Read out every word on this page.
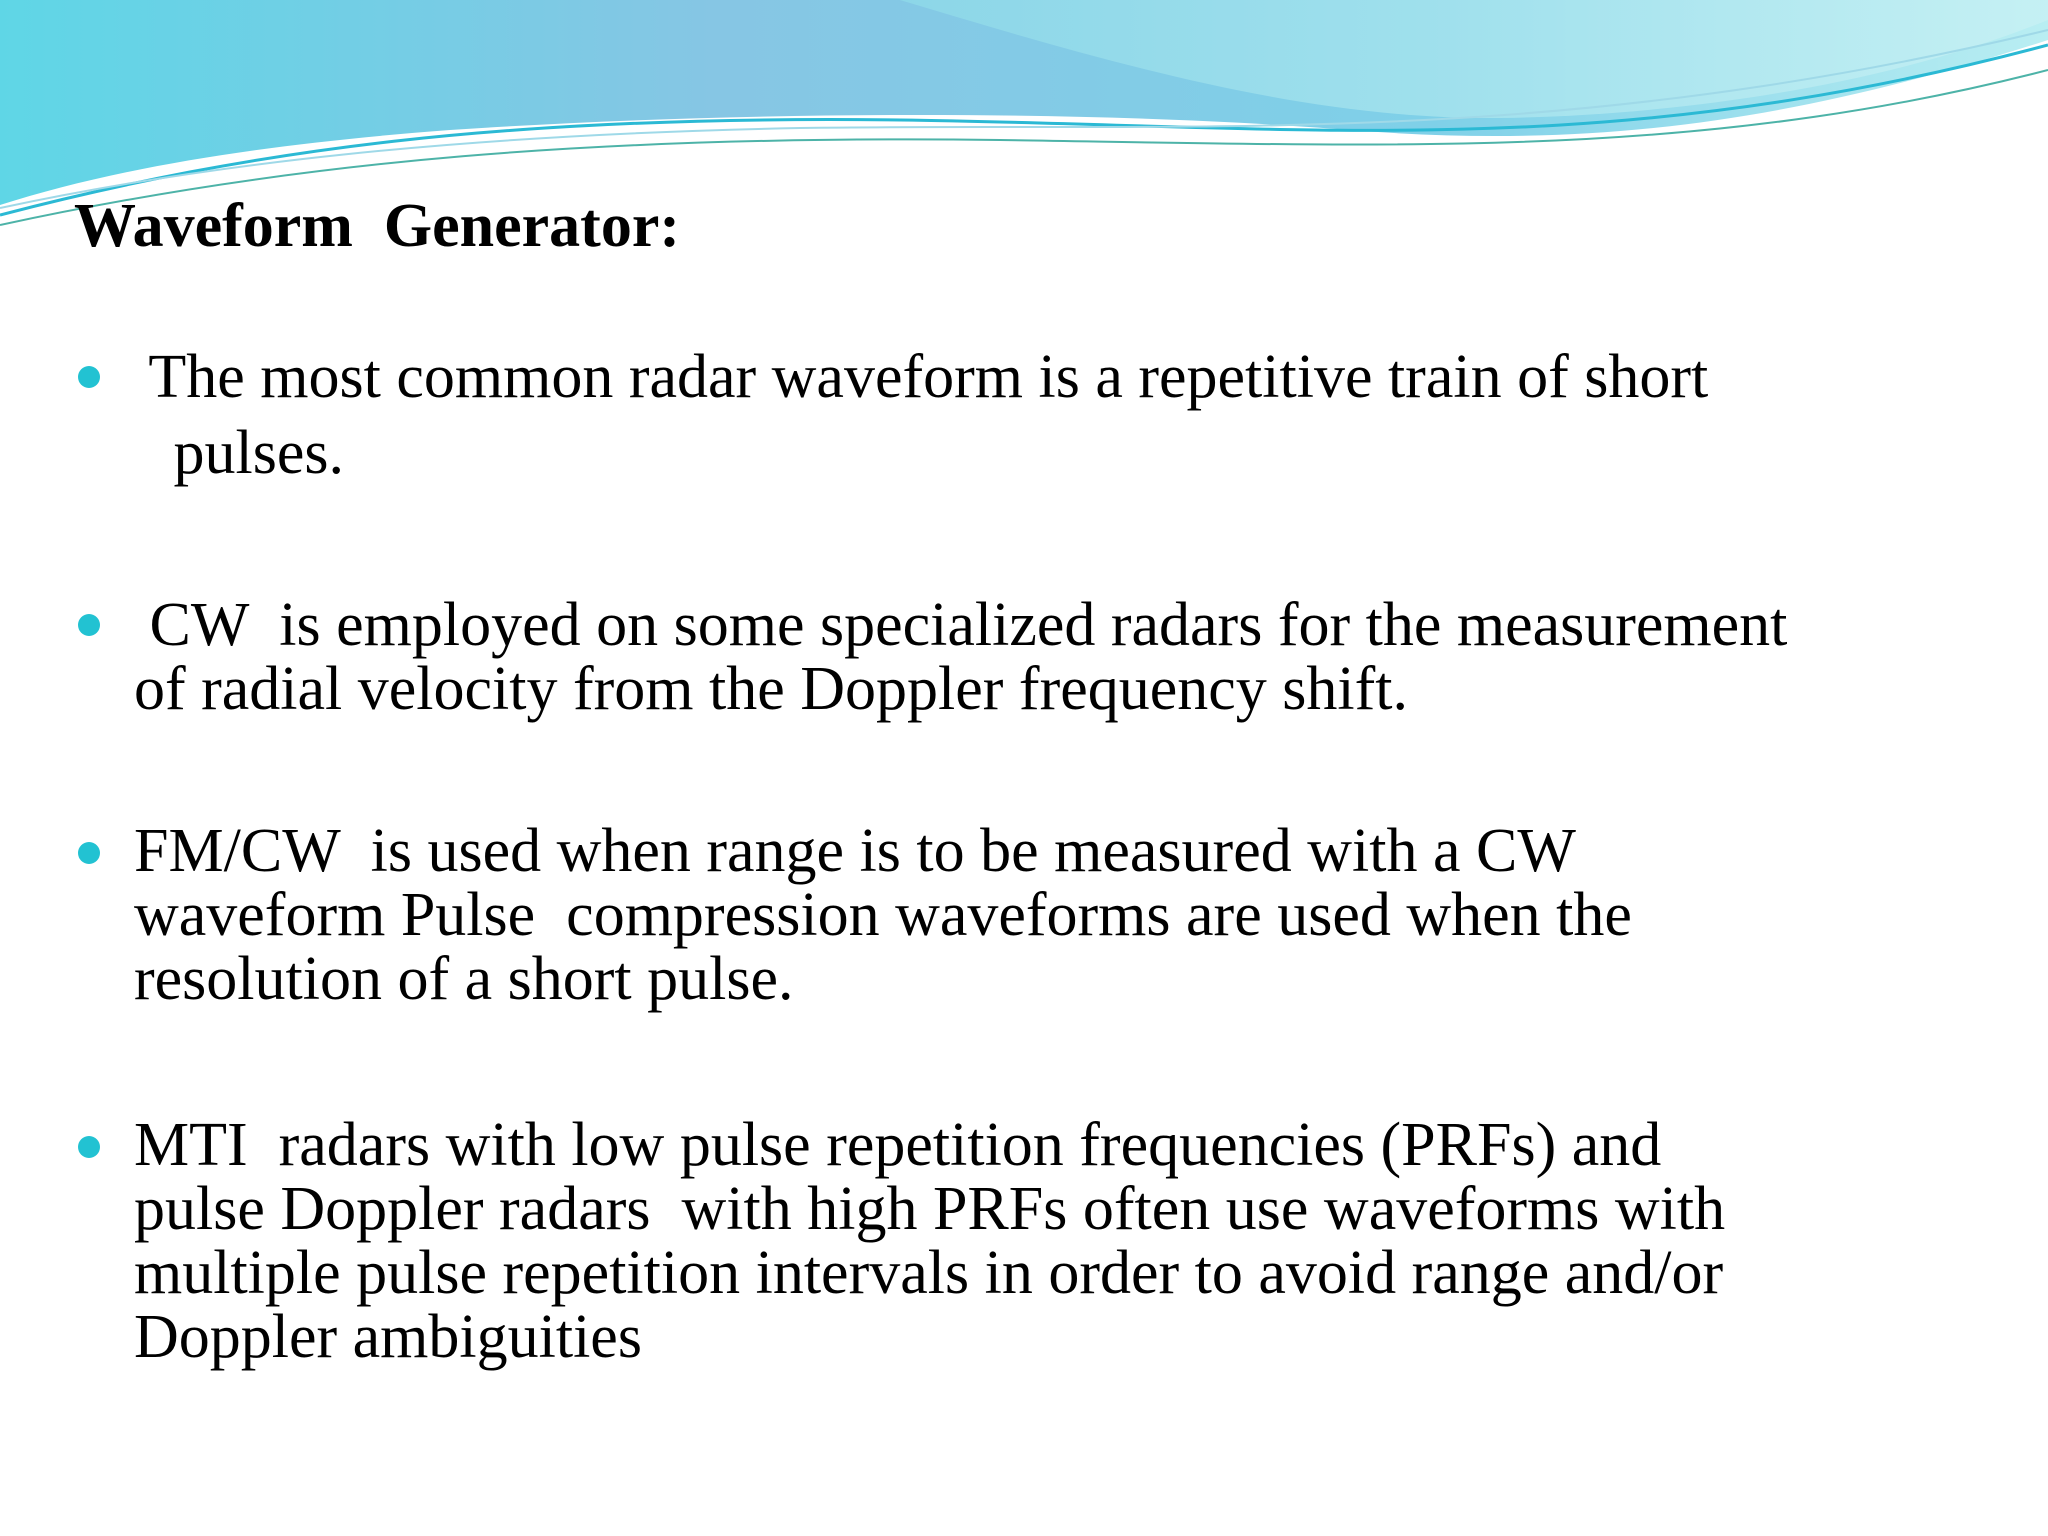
Waveform  Generator:
The most common radar waveform is a repetitive train of short
pulses.
CW  is employed on some specialized radars for the measurement
of radial velocity from the Doppler frequency shift.
FM/CW  is used when range is to be measured with a CW
waveform Pulse  compression waveforms are used when the
resolution of a short pulse.
MTI  radars with low pulse repetition frequencies (PRFs) and
pulse Doppler radars  with high PRFs often use waveforms with
multiple pulse repetition intervals in order to avoid range and/or
Doppler ambiguities
